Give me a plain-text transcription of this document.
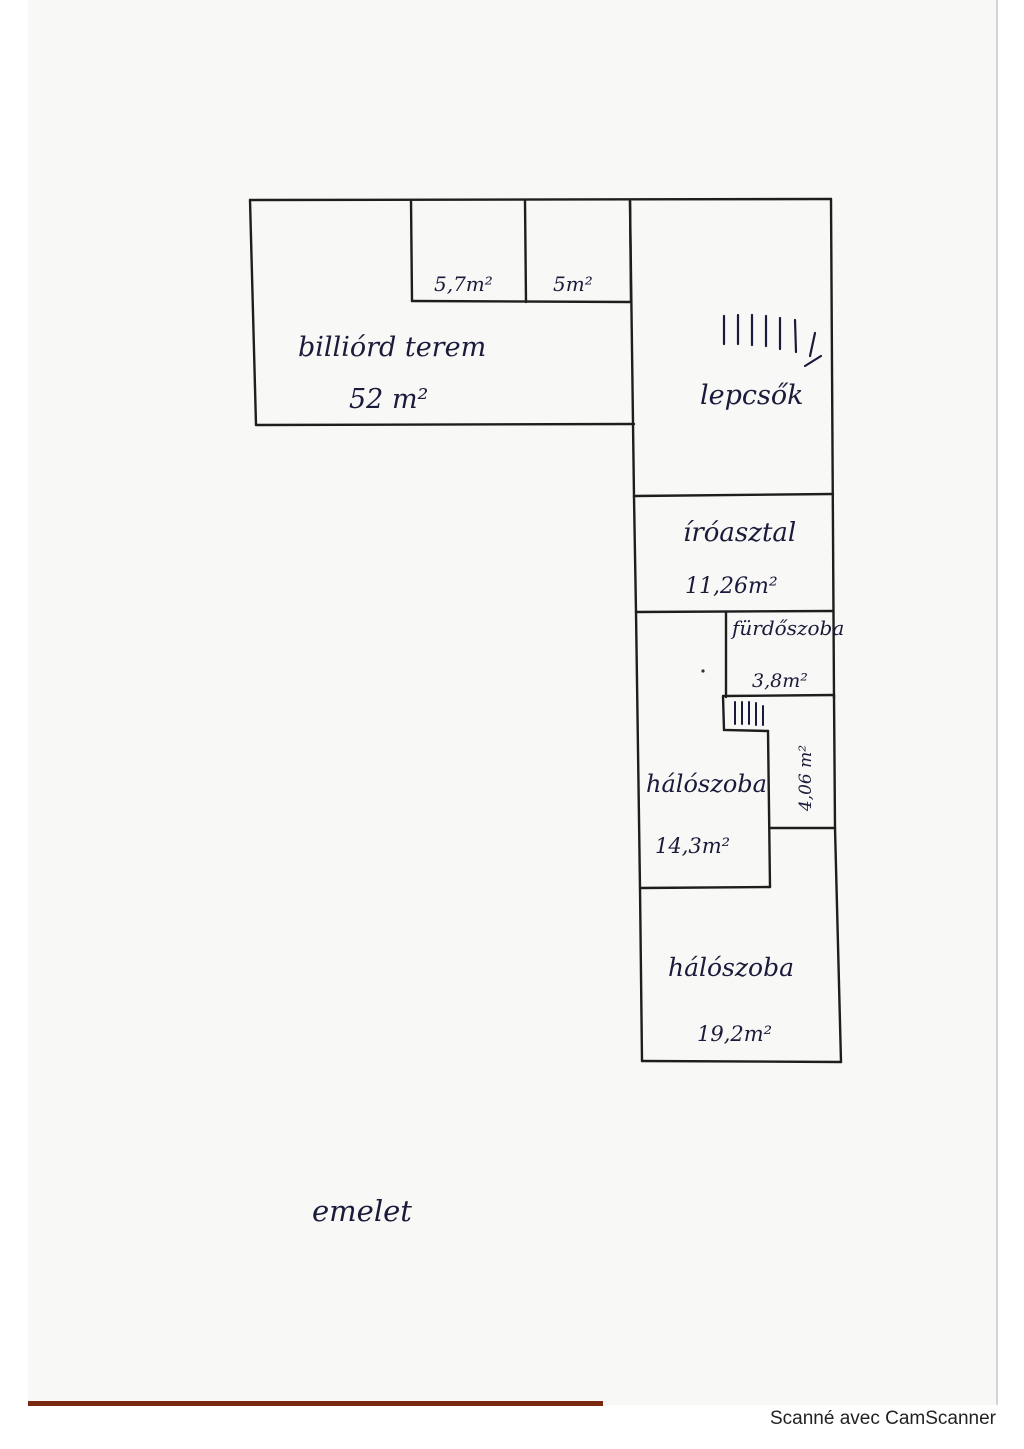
5,7m²	5m²
billiórd terem
52 m²	lepcsők
íróasztal
11,26m²
fürdőszoba
3,8m²
4,06 m²
hálószoba
14,3m²
hálószoba
19,2m²
emelet
Scanné avec CamScanner
